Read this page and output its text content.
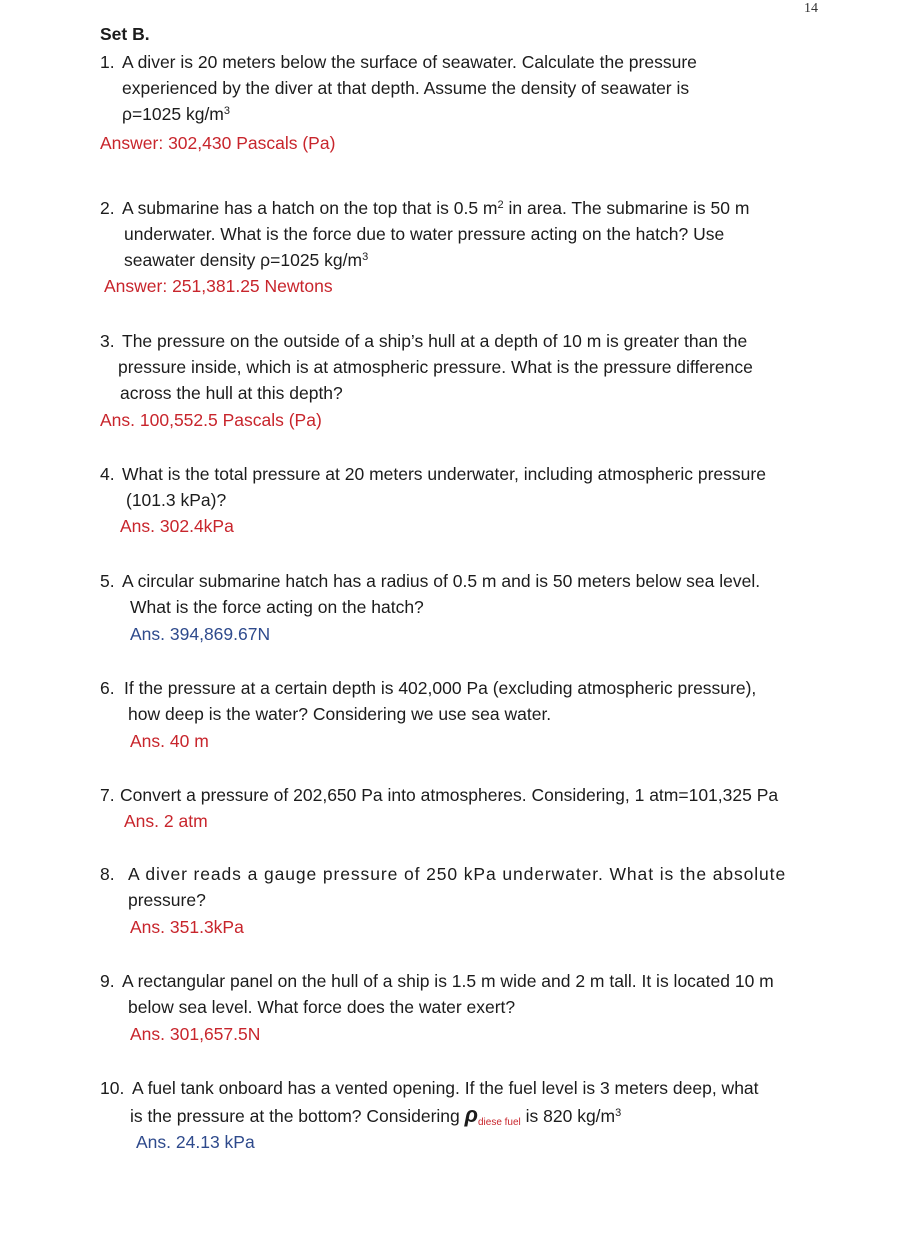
14
Set B.
1. A diver is 20 meters below the surface of seawater. Calculate the pressure
experienced by the diver at that depth. Assume the density of seawater is
ρ=1025 $kg/m^3$
Answer: 302,430 Pascals (Pa)
2. A submarine has a hatch on the top that is 0.5 $m^2$ in area. The submarine is 50 m
underwater. What is the force due to water pressure acting on the hatch? Use
seawater density ρ=1025 $kg/m^3$
Answer: 251,381.25 Newtons
3. The pressure on the outside of a ship’s hull at a depth of 10 m is greater than the
pressure inside, which is at atmospheric pressure. What is the pressure difference
across the hull at this depth?
Ans. 100,552.5 Pascals (Pa)
4. What is the total pressure at 20 meters underwater, including atmospheric pressure
(101.3 kPa)?
Ans. 302.4kPa
5. A circular submarine hatch has a radius of 0.5 m and is 50 meters below sea level.
What is the force acting on the hatch?
Ans. 394,869.67N
6. If the pressure at a certain depth is 402,000 Pa (excluding atmospheric pressure),
how deep is the water? Considering we use sea water.
Ans. 40 m
7. Convert a pressure of 202,650 Pa into atmospheres. Considering, 1 atm=101,325 Pa
Ans. 2 atm
8. A diver reads a gauge pressure of 250 kPa underwater. What is the absolute
pressure?
Ans. 351.3kPa
9. A rectangular panel on the hull of a ship is 1.5 m wide and 2 m tall. It is located 10 m
below sea level. What force does the water exert?
Ans. 301,657.5N
10. A fuel tank onboard has a vented opening. If the fuel level is 3 meters deep, what
is the pressure at the bottom? Considering ρdiese fuel is 820 $kg/m^3$
Ans. 24.13 kPa
